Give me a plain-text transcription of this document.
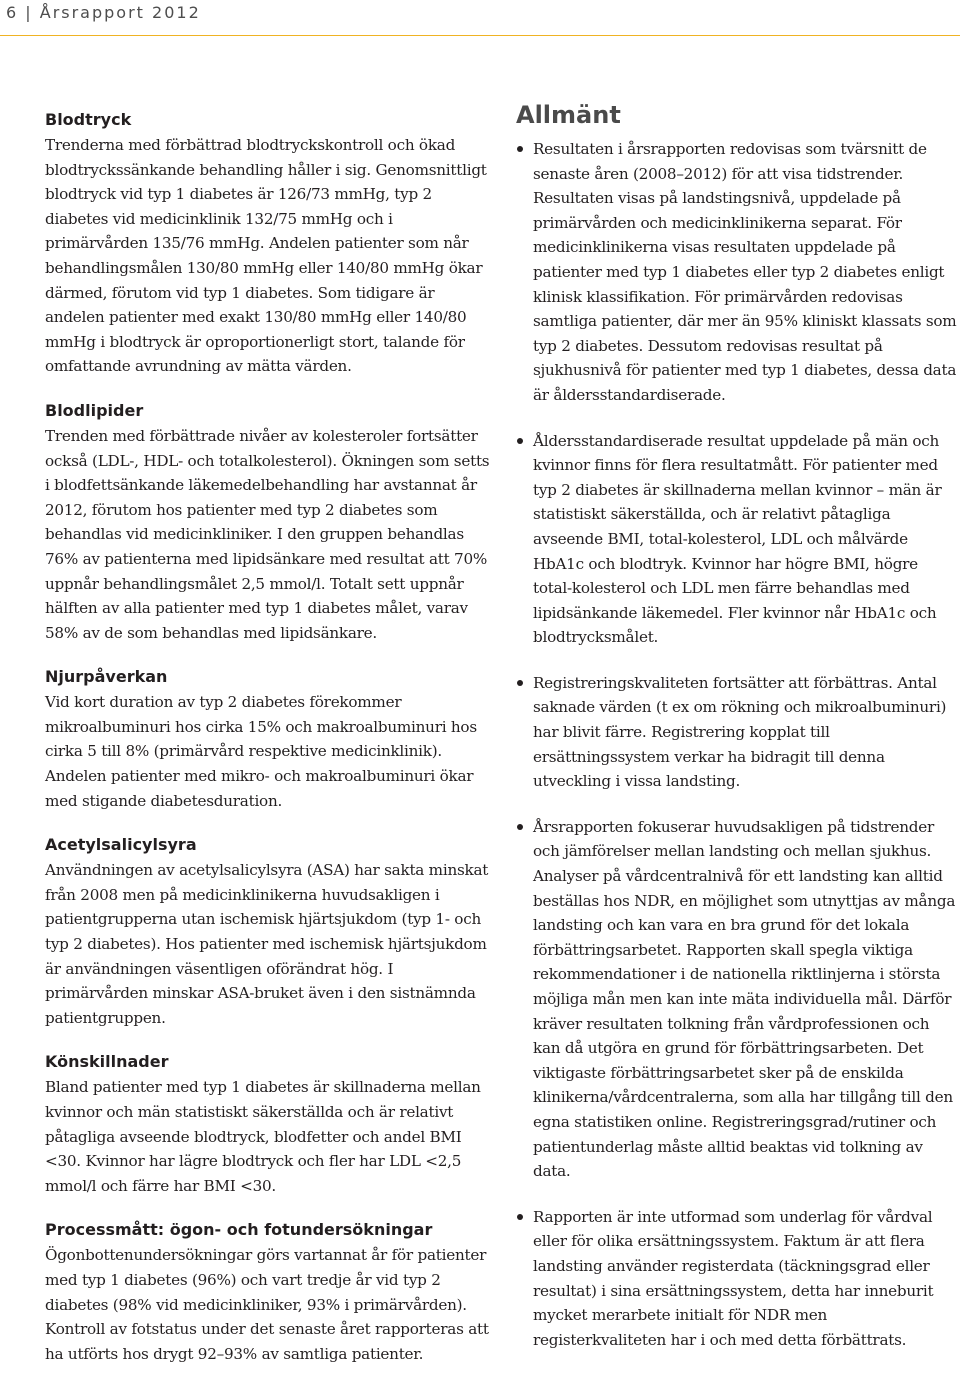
6 | Årsrapport 2012
Blodtryck

Trenderna med förbättrad blodtryckskontroll och ökad blodtryckssänkande behandling håller i sig. Genomsnittligt blodtryck vid typ 1 diabetes är 126/73 mmHg, typ 2 diabetes vid medicinklinik 132/75 mmHg och i primärvården 135/76 mmHg. Andelen patienter som når behandlingsmålen 130/80 mmHg eller 140/80 mmHg ökar därmed, förutom vid typ 1 diabetes. Som tidigare är andelen patienter med exakt 130/80 mmHg eller 140/80 mmHg i blodtryck är oproportionerligt stort, talande för omfattande avrundning av mätta värden.

Blodlipider

Trenden med förbättrade nivåer av kolesteroler fortsätter också (LDL-, HDL- och totalkolesterol). Ökningen som setts i blodfettsänkande läkemedelbehandling har avstannat år 2012, förutom hos patienter med typ 2 diabetes som behandlas vid medicinkliniker. I den gruppen behandlas 76% av patienterna med lipidsänkare med resultat att 70% uppnår behandlingsmålet 2,5 mmol/l. Totalt sett uppnår hälften av alla patienter med typ 1 diabetes målet, varav 58% av de som behandlas med lipidsänkare.

Njurpåverkan

Vid kort duration av typ 2 diabetes förekommer mikroalbuminuri hos cirka 15% och makroalbuminuri hos cirka 5 till 8% (primärvård respektive medicinklinik). Andelen patienter med mikro- och makroalbuminuri ökar med stigande diabetesduration.

Acetylsalicylsyra

Användningen av acetylsalicylsyra (ASA) har sakta minskat från 2008 men på medicinklinikerna huvudsakligen i patientgrupperna utan ischemisk hjärtsjukdom (typ 1- och typ 2 diabetes). Hos patienter med ischemisk hjärtsjukdom är användningen väsentligen oförändrat hög. I primärvården minskar ASA-bruket även i den sistnämnda patientgruppen.

Könskillnader

Bland patienter med typ 1 diabetes är skillnaderna mellan kvinnor och män statistiskt säkerställda och är relativt påtagliga avseende blodtryck, blodfetter och andel BMI <30. Kvinnor har lägre blodtryck och fler har LDL <2,5 mmol/l och färre har BMI <30.

Processmått: ögon- och fotundersökningar

Ögonbottenundersökningar görs vartannat år för patienter med typ 1 diabetes (96%) och vart tredje år vid typ 2 diabetes (98% vid medicinkliniker, 93% i primärvården). Kontroll av fotstatus under det senaste året rapporteras att ha utförts hos drygt 92–93% av samtliga patienter.

Allmänt
Resultaten i årsrapporten redovisas som tvärsnitt de senaste åren (2008–2012) för att visa tidstrender. Resultaten visas på landstingsnivå, uppdelade på primärvården och medicinklinikerna separat. För medicinklinikerna visas resultaten uppdelade på patienter med typ 1 diabetes eller typ 2 diabetes enligt klinisk klassifikation. För primärvården redovisas samtliga patienter, där mer än 95% kliniskt klassats som typ 2 diabetes. Dessutom redovisas resultat på sjukhusnivå för patienter med typ 1 diabetes, dessa data är åldersstandardiserade.
Åldersstandardiserade resultat uppdelade på män och kvinnor finns för flera resultatmått. För patienter med typ 2 diabetes är skillnaderna mellan kvinnor – män är statistiskt säkerställda, och är relativt påtagliga avseende BMI, total-kolesterol, LDL och målvärde HbA1c och blodtryk. Kvinnor har högre BMI, högre total-kolesterol och LDL men färre behandlas med lipidsänkande läkemedel. Fler kvinnor når HbA1c och blodtrycksmålet.
Registreringskvaliteten fortsätter att förbättras. Antal saknade värden (t ex om rökning och mikroalbuminuri) har blivit färre. Registrering kopplat till ersättningssystem verkar ha bidragit till denna utveckling i vissa landsting.
Årsrapporten fokuserar huvudsakligen på tidstrender och jämförelser mellan landsting och mellan sjukhus. Analyser på vårdcentralnivå för ett landsting kan alltid beställas hos NDR, en möjlighet som utnyttjas av många landsting och kan vara en bra grund för det lokala förbättringsarbetet. Rapporten skall spegla viktiga rekommendationer i de nationella riktlinjerna i största möjliga mån men kan inte mäta individuella mål. Därför kräver resultaten tolkning från vårdprofessionen och kan då utgöra en grund för förbättringsarbeten. Det viktigaste förbättringsarbetet sker på de enskilda klinikerna/vårdcentralerna, som alla har tillgång till den egna statistiken online. Registreringsgrad/rutiner och patientunderlag måste alltid beaktas vid tolkning av data.
Rapporten är inte utformad som underlag för vårdval eller för olika ersättningssystem. Faktum är att flera landsting använder registerdata (täckningsgrad eller resultat) i sina ersättningssystem, detta har inneburit mycket merarbete initialt för NDR men registerkvaliteten har i och med detta förbättrats.
